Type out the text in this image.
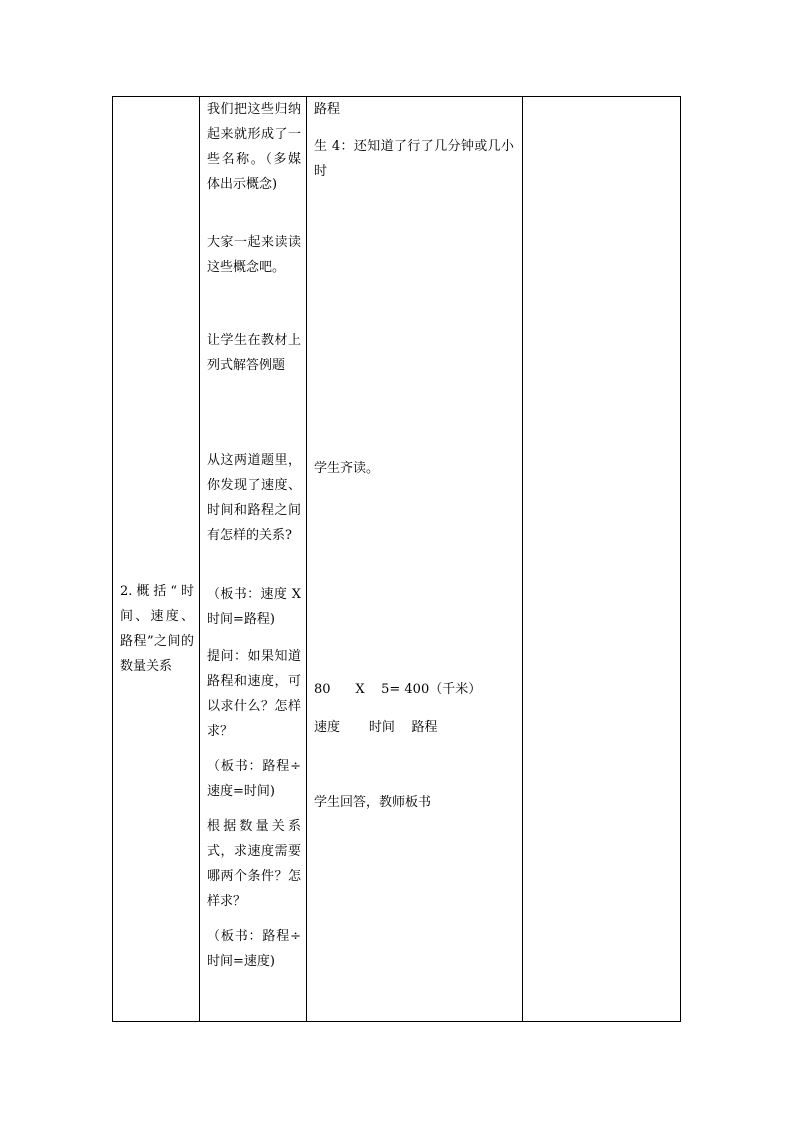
2.概括“时间、速度、路程”之间的数量关系

我们把这些归纳起来就形成了一些名称。（多媒体出示概念)

大家一起来读读这些概念吧。

让学生在教材上列式解答例题

从这两道题里，你发现了速度、时间和路程之间有怎样的关系?

（板书：速度 X 时间=路程)

提问：如果知道路程和速度，可以求什么？怎样求？

（板书：路程÷速度=时间)

根据数量关系式，求速度需要哪两个条件？怎样求？

（板书：路程÷时间=速度)

路程

生 4：还知道了行了几分钟或几小时

学生齐读。

80      X    5= 400（千米）

速度       时间    路程

学生回答，教师板书
